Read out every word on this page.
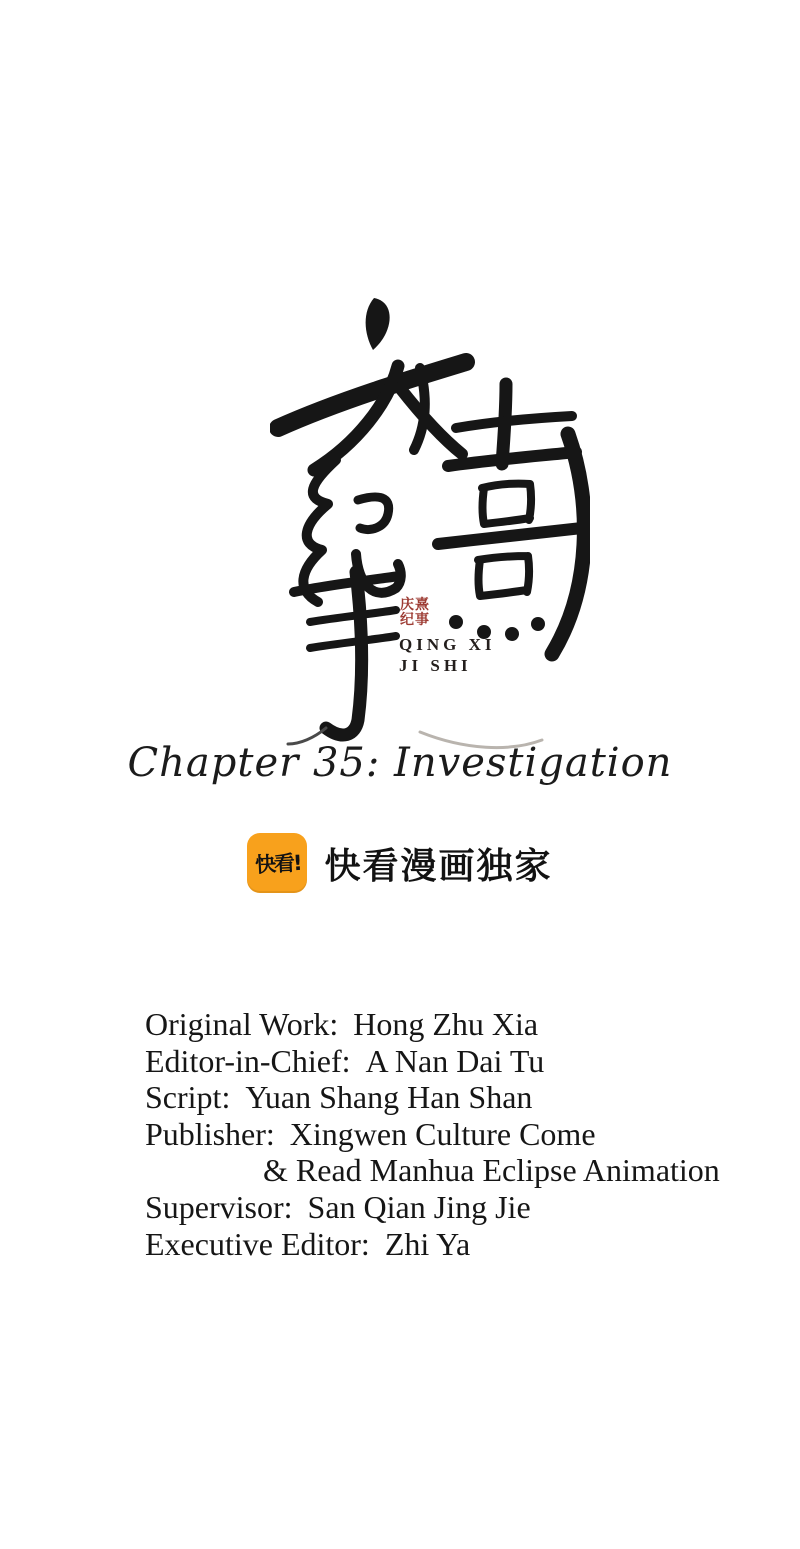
庆熹
纪事
QING XI
JI SHI
Chapter 35: Investigation
快看! 快看漫画独家
Original Work: Hong Zhu Xia
Editor-in-Chief: A Nan Dai Tu
Script: Yuan Shang Han Shan
Publisher: Xingwen Culture Come
& Read Manhua Eclipse Animation
Supervisor: San Qian Jing Jie
Executive Editor: Zhi Ya
